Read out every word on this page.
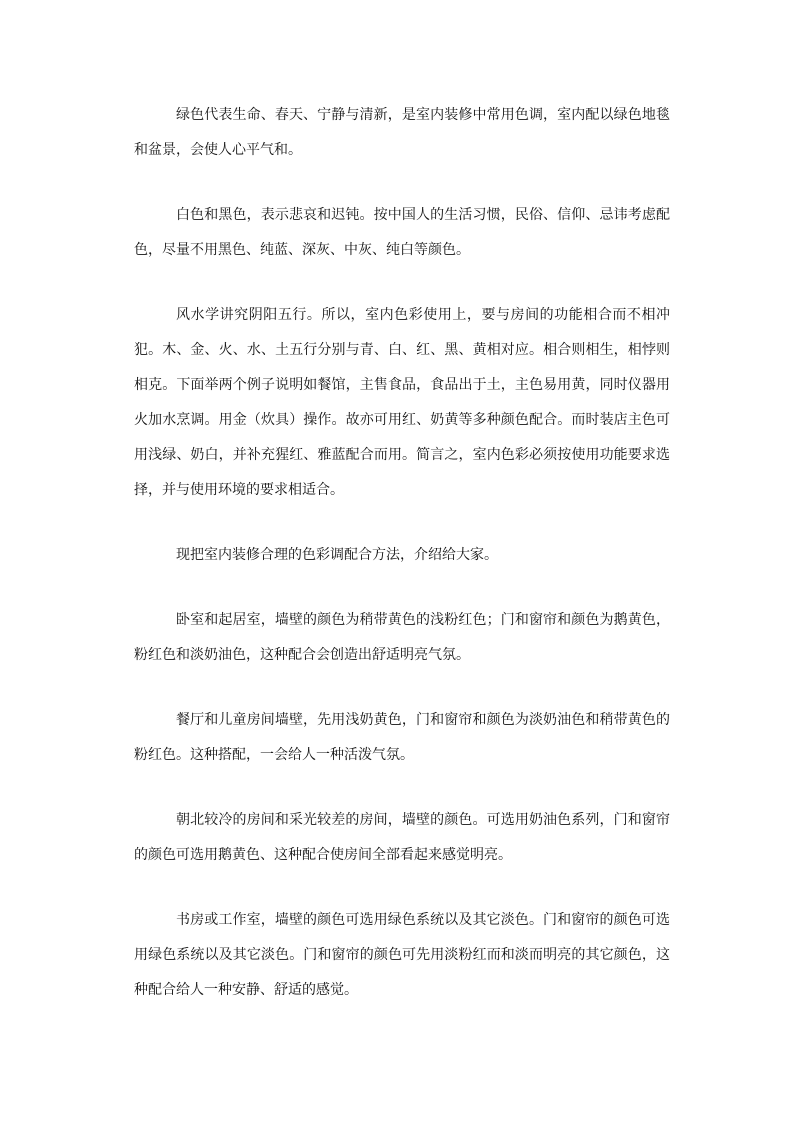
绿色代表生命、春天、宁静与清新，是室内装修中常用色调，室内配以绿色地毯和盆景，会使人心平气和。

白色和黑色，表示悲哀和迟钝。按中国人的生活习惯，民俗、信仰、忌讳考虑配色，尽量不用黑色、纯蓝、深灰、中灰、纯白等颜色。

风水学讲究阴阳五行。所以，室内色彩使用上，要与房间的功能相合而不相冲犯。木、金、火、水、土五行分别与青、白、红、黑、黄相对应。相合则相生，相悖则相克。下面举两个例子说明如餐馆，主售食品，食品出于土，主色易用黄，同时仪器用火加水烹调。用金（炊具）操作。故亦可用红、奶黄等多种颜色配合。而时装店主色可用浅绿、奶白，并补充猩红、雅蓝配合而用。简言之，室内色彩必须按使用功能要求选择，并与使用环境的要求相适合。

现把室内装修合理的色彩调配合方法，介绍给大家。

卧室和起居室，墙壁的颜色为稍带黄色的浅粉红色；门和窗帘和颜色为鹅黄色，粉红色和淡奶油色，这种配合会创造出舒适明亮气氛。

餐厅和儿童房间墙壁，先用浅奶黄色，门和窗帘和颜色为淡奶油色和稍带黄色的粉红色。这种搭配，一会给人一种活泼气氛。

朝北较冷的房间和采光较差的房间，墙壁的颜色。可选用奶油色系列，门和窗帘的颜色可选用鹅黄色、这种配合使房间全部看起来感觉明亮。

书房或工作室，墙壁的颜色可选用绿色系统以及其它淡色。门和窗帘的颜色可选用绿色系统以及其它淡色。门和窗帘的颜色可先用淡粉红而和淡而明亮的其它颜色，这种配合给人一种安静、舒适的感觉。
